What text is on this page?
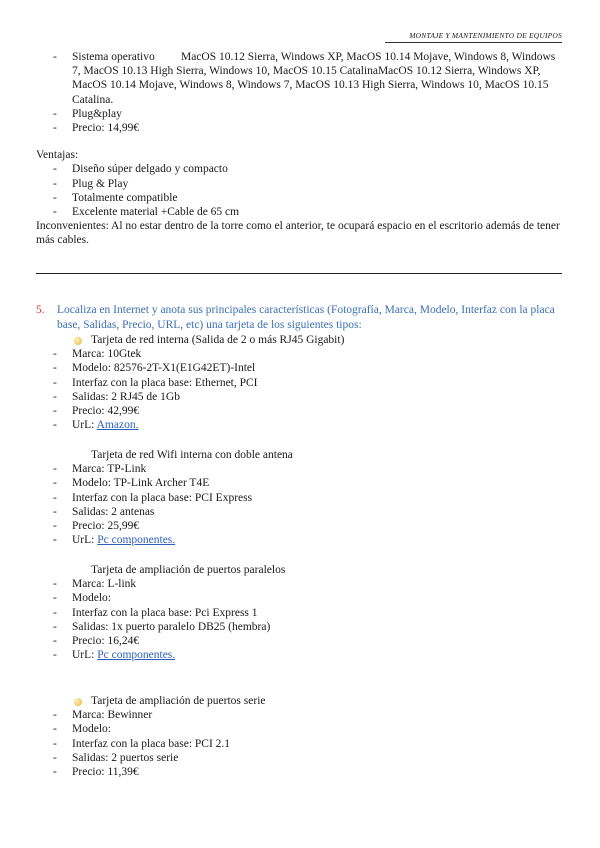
MONTAJE Y MANTENIMIENTO DE EQUIPOS
- Sistema operativo MacOS 10.12 Sierra, Windows XP, MacOS 10.14 Mojave, Windows 8, Windows 7, MacOS 10.13 High Sierra, Windows 10, MacOS 10.15 CatalinaMacOS 10.12 Sierra, Windows XP, MacOS 10.14 Mojave, Windows 8, Windows 7, MacOS 10.13 High Sierra, Windows 10, MacOS 10.15 Catalina.
- Plug&play
- Precio: 14,99€

Ventajas:

- Diseño súper delgado y compacto
- Plug & Play
- Totalmente compatible
- Excelente material +Cable de 65 cm

Inconvenientes: Al no estar dentro de la torre como el anterior, te ocupará espacio en el escritorio además de tener más cables.

5.	Localiza en Internet y anota sus principales características (Fotografía, Marca, Modelo, Interfaz con la placa base, Salidas, Precio, URL, etc) una tarjeta de los siguientes tipos:
Tarjeta de red interna (Salida de 2 o más RJ45 Gigabit)
- Marca: 10Gtek
- Modelo: 82576-2T-X1(E1G42ET)-Intel
- Interfaz con la placa base: Ethernet, PCI
- Salidas: 2 RJ45 de 1Gb
- Precio: 42,99€
- UrL: Amazon.
Tarjeta de red Wifi interna con doble antena
- Marca: TP-Link
- Modelo: TP-Link Archer T4E
- Interfaz con la placa base: PCI Express
- Salidas: 2 antenas
- Precio: 25,99€
- UrL: Pc componentes.
Tarjeta de ampliación de puertos paralelos
- Marca: L-link
- Modelo:
- Interfaz con la placa base: Pci Express 1
- Salidas: 1x puerto paralelo DB25 (hembra)
- Precio: 16,24€
- UrL: Pc componentes.
Tarjeta de ampliación de puertos serie
- Marca: Bewinner
- Modelo:
- Interfaz con la placa base: PCI 2.1
- Salidas: 2 puertos serie
- Precio: 11,39€
